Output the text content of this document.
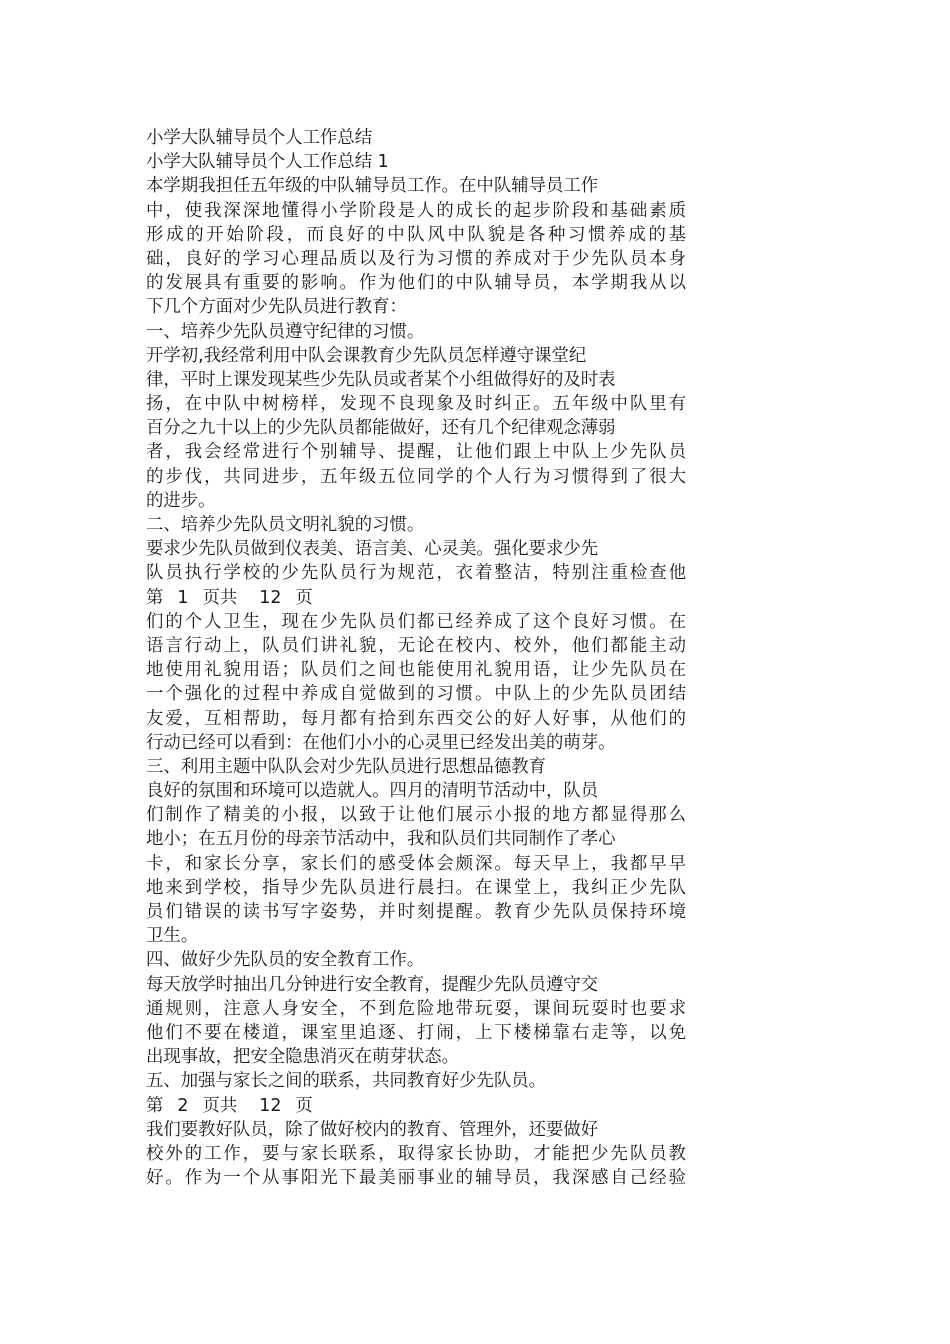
小学大队辅导员个人工作总结
小学大队辅导员个人工作总结 1
本学期我担任五年级的中队辅导员工作。在中队辅导员工作
中，使我深深地懂得小学阶段是人的成长的起步阶段和基础素质
形成的开始阶段，而良好的中队风中队貌是各种习惯养成的基
础，良好的学习心理品质以及行为习惯的养成对于少先队员本身
的发展具有重要的影响。作为他们的中队辅导员，本学期我从以
下几个方面对少先队员进行教育：
一、培养少先队员遵守纪律的习惯。
开学初,我经常利用中队会课教育少先队员怎样遵守课堂纪
律，平时上课发现某些少先队员或者某个小组做得好的及时表
扬，在中队中树榜样，发现不良现象及时纠正。五年级中队里有
百分之九十以上的少先队员都能做好，还有几个纪律观念薄弱
者，我会经常进行个别辅导、提醒，让他们跟上中队上少先队员
的步伐，共同进步，五年级五位同学的个人行为习惯得到了很大
的进步。
二、培养少先队员文明礼貌的习惯。
要求少先队员做到仪表美、语言美、心灵美。强化要求少先
队员执行学校的少先队员行为规范，衣着整洁，特别注重检查他
第 1 页共 12 页
们的个人卫生，现在少先队员们都已经养成了这个良好习惯。在
语言行动上，队员们讲礼貌，无论在校内、校外，他们都能主动
地使用礼貌用语；队员们之间也能使用礼貌用语，让少先队员在
一个强化的过程中养成自觉做到的习惯。中队上的少先队员团结
友爱，互相帮助，每月都有拾到东西交公的好人好事，从他们的
行动已经可以看到：在他们小小的心灵里已经发出美的萌芽。
三、利用主题中队队会对少先队员进行思想品德教育
良好的氛围和环境可以造就人。四月的清明节活动中，队员
们制作了精美的小报，以致于让他们展示小报的地方都显得那么
地小；在五月份的母亲节活动中，我和队员们共同制作了孝心
卡，和家长分享，家长们的感受体会颇深。每天早上，我都早早
地来到学校，指导少先队员进行晨扫。在课堂上，我纠正少先队
员们错误的读书写字姿势，并时刻提醒。教育少先队员保持环境
卫生。
四、做好少先队员的安全教育工作。
每天放学时抽出几分钟进行安全教育，提醒少先队员遵守交
通规则，注意人身安全，不到危险地带玩耍，课间玩耍时也要求
他们不要在楼道，课室里追逐、打闹，上下楼梯靠右走等，以免
出现事故，把安全隐患消灭在萌芽状态。
五、加强与家长之间的联系，共同教育好少先队员。
第 2 页共 12 页
我们要教好队员，除了做好校内的教育、管理外，还要做好
校外的工作，要与家长联系，取得家长协助，才能把少先队员教
好。作为一个从事阳光下最美丽事业的辅导员，我深感自己经验
